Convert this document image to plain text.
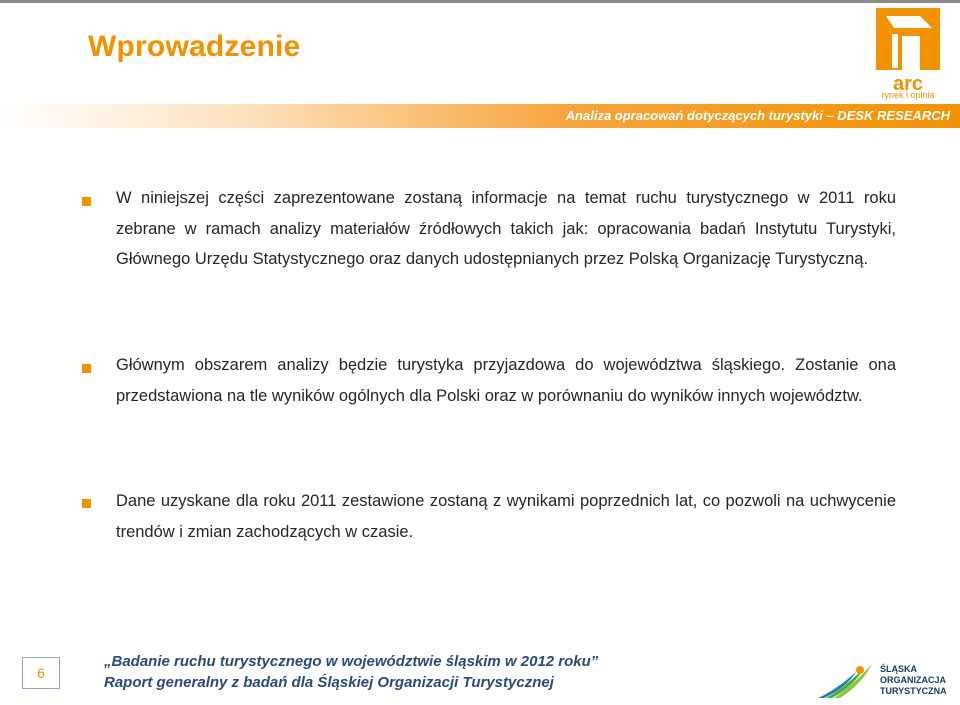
Wprowadzenie
arc
rynek i opinia
Analiza opracowań dotyczących turystyki – DESK RESEARCH
W niniejszej części zaprezentowane zostaną informacje na temat ruchu turystycznego w 2011 roku zebrane w ramach analizy materiałów źródłowych takich jak: opracowania badań Instytutu Turystyki, Głównego Urzędu Statystycznego oraz danych udostępnianych przez Polską Organizację Turystyczną.
Głównym obszarem analizy będzie turystyka przyjazdowa do województwa śląskiego. Zostanie ona przedstawiona na tle wyników ogólnych dla Polski oraz w porównaniu do wyników innych województw.
Dane uzyskane dla roku 2011 zestawione zostaną z wynikami poprzednich lat, co pozwoli na uchwycenie trendów i zmian zachodzących w czasie.
6
„Badanie ruchu turystycznego w województwie śląskim w 2012 roku”
Raport generalny z badań dla Śląskiej Organizacji Turystycznej
ŚLĄSKA
ORGANIZACJA
TURYSTYCZNA
